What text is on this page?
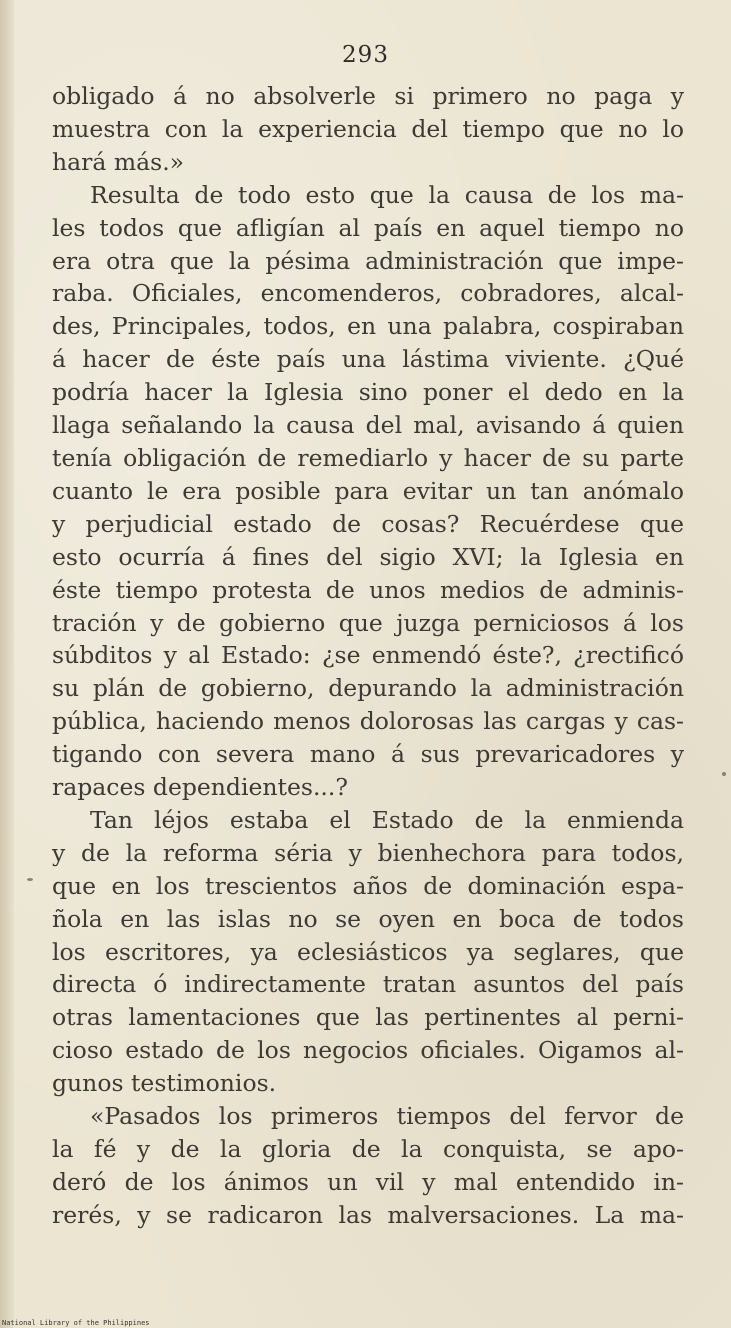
293
obligado á no absolverle si primero no paga y
muestra con la experiencia del tiempo que no lo
hará más.»
Resulta de todo esto que la causa de los ma-
les todos que afligían al país en aquel tiempo no
era otra que la pésima administración que impe-
raba. Oficiales, encomenderos, cobradores, alcal-
des, Principales, todos, en una palabra, cospiraban
á hacer de éste país una lástima viviente. ¿Qué
podría hacer la Iglesia sino poner el dedo en la
llaga señalando la causa del mal, avisando á quien
tenía obligación de remediarlo y hacer de su parte
cuanto le era posible para evitar un tan anómalo
y perjudicial estado de cosas? Recuérdese que
esto ocurría á fines del sigio XVI; la Iglesia en
éste tiempo protesta de unos medios de adminis-
tración y de gobierno que juzga perniciosos á los
súbditos y al Estado: ¿se enmendó éste?, ¿rectificó
su plán de gobierno, depurando la administración
pública, haciendo menos dolorosas las cargas y cas-
tigando con severa mano á sus prevaricadores y
rapaces dependientes...?
Tan léjos estaba el Estado de la enmienda
y de la reforma séria y bienhechora para todos,
que en los trescientos años de dominación espa-
ñola en las islas no se oyen en boca de todos
los escritores, ya eclesiásticos ya seglares, que
directa ó indirectamente tratan asuntos del país
otras lamentaciones que las pertinentes al perni-
cioso estado de los negocios oficiales. Oigamos al-
gunos testimonios.
«Pasados los primeros tiempos del fervor de
la fé y de la gloria de la conquista, se apo-
deró de los ánimos un vil y mal entendido in-
rerés, y se radicaron las malversaciones. La ma-
National Library of the Philippines
